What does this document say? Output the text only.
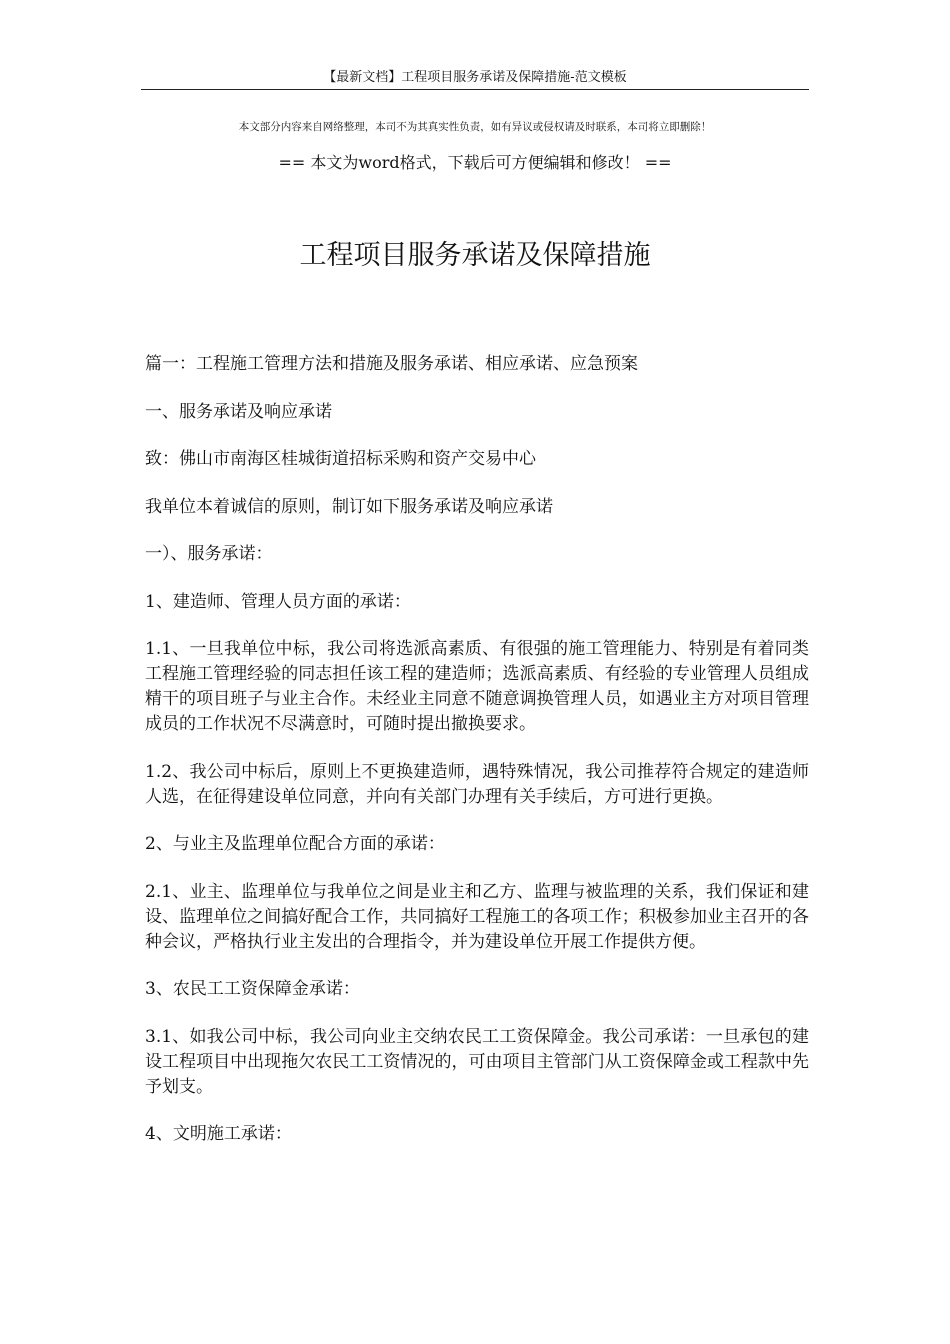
【最新文档】工程项目服务承诺及保障措施-范文模板
本文部分内容来自网络整理，本司不为其真实性负责，如有异议或侵权请及时联系，本司将立即删除！
== 本文为word格式，下载后可方便编辑和修改！ ==
工程项目服务承诺及保障措施

篇一：工程施工管理方法和措施及服务承诺、相应承诺、应急预案

一、服务承诺及响应承诺

致：佛山市南海区桂城街道招标采购和资产交易中心

我单位本着诚信的原则，制订如下服务承诺及响应承诺

一）、服务承诺：

1、建造师、管理人员方面的承诺：

1.1、一旦我单位中标，我公司将选派高素质、有很强的施工管理能力、特别是有着同类工程施工管理经验的同志担任该工程的建造师；选派高素质、有经验的专业管理人员组成精干的项目班子与业主合作。未经业主同意不随意调换管理人员，如遇业主方对项目管理成员的工作状况不尽满意时，可随时提出撤换要求。

1.2、我公司中标后，原则上不更换建造师，遇特殊情况，我公司推荐符合规定的建造师人选，在征得建设单位同意，并向有关部门办理有关手续后，方可进行更换。

2、与业主及监理单位配合方面的承诺：

2.1、业主、监理单位与我单位之间是业主和乙方、监理与被监理的关系，我们保证和建设、监理单位之间搞好配合工作，共同搞好工程施工的各项工作；积极参加业主召开的各种会议，严格执行业主发出的合理指令，并为建设单位开展工作提供方便。

3、农民工工资保障金承诺：

3.1、如我公司中标，我公司向业主交纳农民工工资保障金。我公司承诺：一旦承包的建设工程项目中出现拖欠农民工工资情况的，可由项目主管部门从工资保障金或工程款中先予划支。

4、文明施工承诺：
